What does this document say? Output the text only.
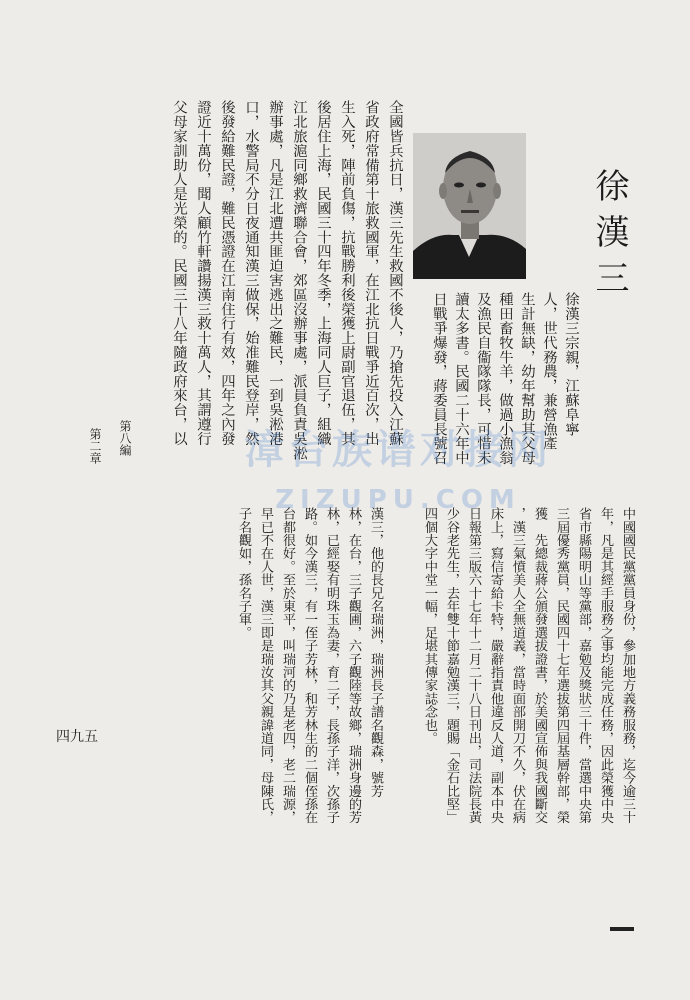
徐漢三
徐漢三宗親，江蘇阜寧
人，世代務農，兼營漁產
生計無缺，幼年幫助其父母
種田畜牧牛羊，做過小漁翁
及漁民自衞隊隊長，可惜未
讀太多書。民國二十六年中
日戰爭爆發，蔣委員長號召
全國皆兵抗日，漢三先生救國不後人，乃搶先投入江蘇
省政府常備第十旅救國軍，在江北抗日戰爭近百次，出
生入死，陣前負傷，抗戰勝利後榮獲上尉副官退伍，其
後居住上海，民國三十四年冬季，上海同人巨子，組織
江北旅滬同鄉救濟聯合會，郊區沒辦事處，派員負責吳淞
辦事處，凡是江北遭共匪迫害逃出之難民，一到吳淞港
口，水警局不分日夜通知漢三做保，始准難民登岸，然
後發給難民證，難民憑證在江南住行有效，四年之內發
證近十萬份，聞人顧竹軒讚揚漢三救十萬人，其謂遵行
父母家訓助人是光榮的。民國三十八年隨政府來台，以
中國國民黨黨員身份，參加地方義務服務，迄今逾三十
年，凡是其經手服務之事均能完成任務，因此榮獲中央
省市縣陽明山等黨部，嘉勉及獎狀三十件，當選中央第
三屆優秀黨員，民國四十七年選拔第四屆基層幹部，榮
獲　先總裁蔣公頒發選拔證書，於美國宣佈與我國斷交
，漢三氣憤美人全無道義，當時面部開刀不久，伏在病
床上，寫信寄給卡特，嚴辭指責他違反人道，副本中央
日報第三版六十七年十二月二十八日刊出，司法院長黃
少谷老先生，去年雙十節嘉勉漢三，題賜「金石比堅」
四個大字中堂一幅，足堪其傳家誌念也。
漢三，他的長兄名瑞洲，瑞洲長子譜名觀森，號芳
林，在台，三子觀圃，六子觀陸等故鄉，瑞洲身邊的芳
林，已經娶有明珠玉為妻，育二子，長孫子洋，次孫子
路。如今漢三，有一侄子芳林，和芳林生的二個侄孫在
台都很好。至於東平，叫瑞河的乃是老四，老二瑞源，
早已不在人世，漢三即是瑞汝其父親諱道同，母陳氏，
子名觀如，孫名子軍。
第八編
第二章
四九五
漳台族谱对接网
ZIZUPU.COM
